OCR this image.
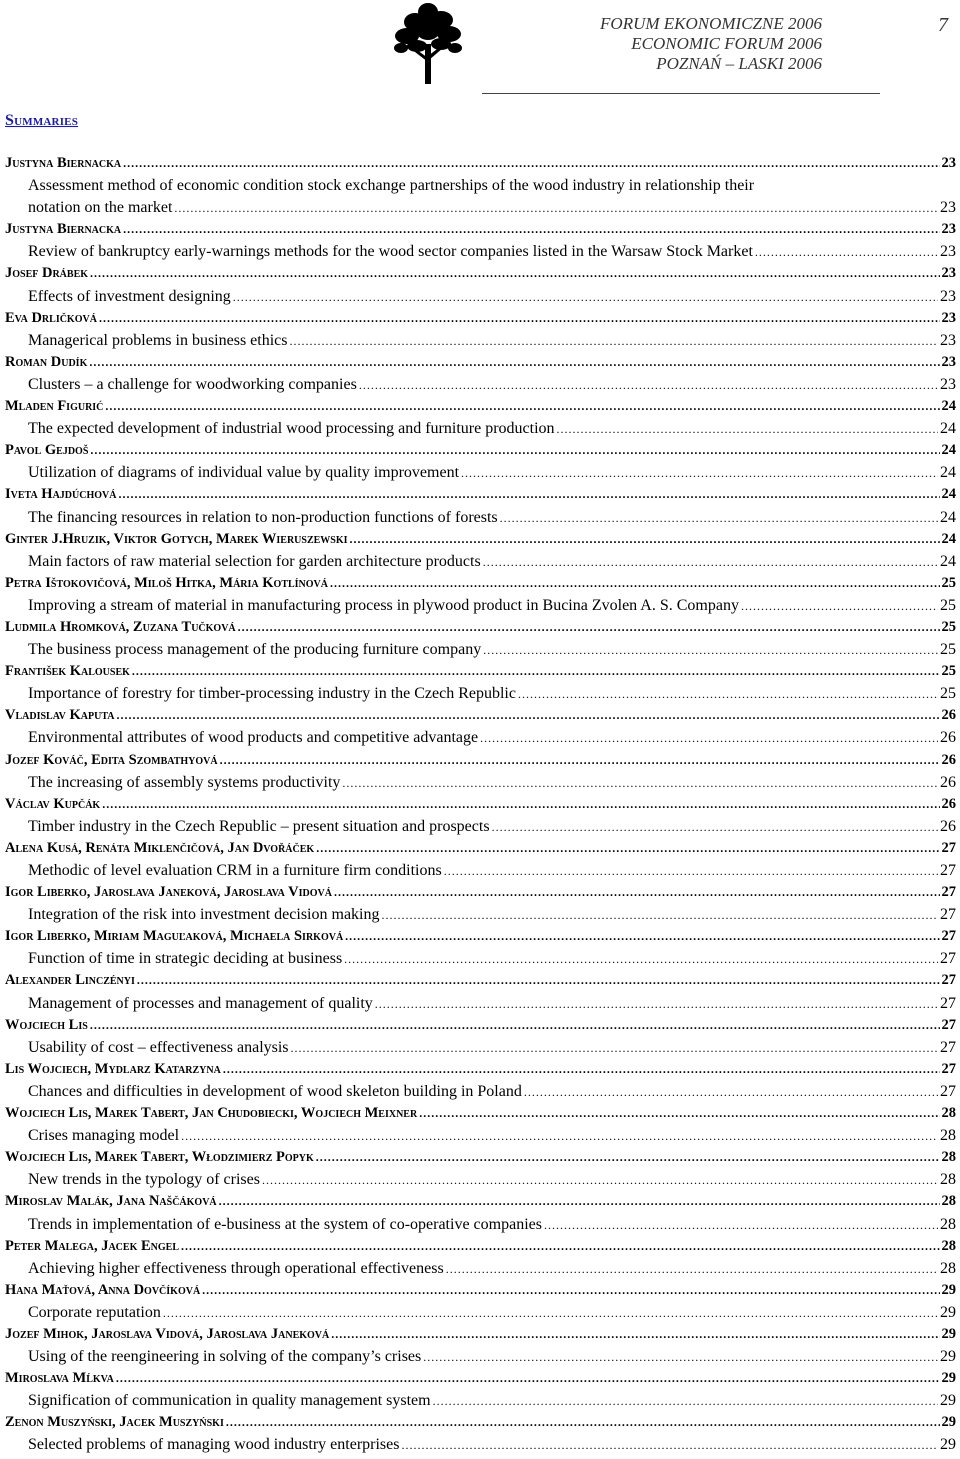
FORUM EKONOMICZNE 2006
ECONOMIC FORUM 2006
POZNAŃ – LASKI 2006
7
Summaries
Justyna Biernacka .....	23
Assessment method of economic condition stock exchange partnerships of the wood industry in relationship their
notation on the market .....	23
Justyna Biernacka .....	23
Review of bankruptcy early-warnings methods for the wood sector companies listed in the Warsaw Stock Market .....	23
Josef Drábek .....	23
Effects of investment designing .....	23
Eva Drličková .....	23
Managerical problems in business ethics .....	23
Roman Dudík .....	23
Clusters – a challenge for woodworking companies .....	23
Mladen Figurić .....	24
The expected development of industrial wood processing and furniture production .....	24
Pavol Gejdoš .....	24
Utilization of diagrams of individual value by quality improvement .....	24
Iveta Hajdúchová .....	24
The financing resources in relation to non-production functions of forests .....	24
Ginter J.Hruzik, Viktor Gotych, Marek Wieruszewski .....	24
Main factors of raw material selection for garden architecture products .....	24
Petra Ištokovičová, Miloš Hitka, Mária Kotlínová .....	25
Improving a stream of material in manufacturing process in plywood product in Bucina Zvolen A. S. Company .....	25
Ludmila Hromková, Zuzana Tučková .....	25
The business process management of the producing furniture company .....	25
František Kalousek .....	25
Importance of forestry for timber-processing industry in the Czech Republic .....	25
Vladislav Kaputa .....	26
Environmental attributes of wood products and competitive advantage .....	26
Jozef Kováč, Edita Szombathyová .....	26
The increasing of assembly systems productivity .....	26
Václav Kupčák .....	26
Timber industry in the Czech Republic – present situation and prospects .....	26
Alena Kusá, Renáta Miklenčičová, Jan Dvořáček .....	27
Methodic of level evaluation CRM in a furniture firm conditions .....	27
Igor Liberko, Jaroslava Janeková, Jaroslava Vidová .....	27
Integration of the risk into investment decision making .....	27
Igor Liberko, Miriam Maguľaková, Michaela Sirková .....	27
Function of time in strategic deciding at business .....	27
Alexander Linczényi .....	27
Management of processes and management of quality .....	27
Wojciech Lis .....	27
Usability of cost – effectiveness analysis .....	27
Lis Wojciech, Mydlarz Katarzyna .....	27
Chances and difficulties in development of wood skeleton building in Poland .....	27
Wojciech Lis, Marek Tabert, Jan Chudobiecki, Wojciech Meixner .....	28
Crises managing model .....	28
Wojciech Lis, Marek Tabert, Włodzimierz Popyk .....	28
New trends in the typology of crises .....	28
Miroslav Malák, Jana Naščáková .....	28
Trends in implementation of e-business at the system of co-operative companies .....	28
Peter Malega, Jacek Engel .....	28
Achieving higher effectiveness through operational effectiveness .....	28
Hana Maťová, Anna Dovčíková .....	29
Corporate reputation .....	29
Jozef Mihok, Jaroslava Vidová, Jaroslava Janeková .....	29
Using of the reengineering in solving of the company’s crises .....	29
Miroslava Mĺkva .....	29
Signification of communication in quality management system .....	29
Zenon Muszyński, Jacek Muszyński .....	29
Selected problems of managing wood industry enterprises .....	29
